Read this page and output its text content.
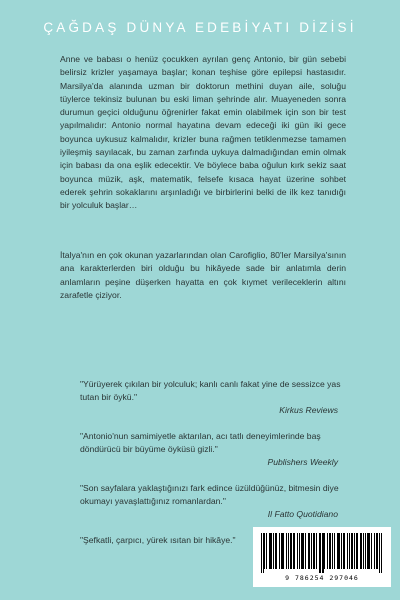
ÇAĞDAŞ DÜNYA EDEBİYATI DİZİSİ

Anne ve babası o henüz çocukken ayrılan genç Antonio, bir gün sebebi belirsiz krizler yaşamaya başlar; konan teşhise göre epilepsi hastasıdır. Marsilya'da alanında uzman bir doktorun methini duyan aile, soluğu tüylerce tekinsiz bulunan bu eski liman şehrinde alır. Muayeneden sonra durumun geçici olduğunu öğrenirler fakat emin olabilmek için son bir test yapılmalıdır: Antonio normal hayatına devam edeceği iki gün iki gece boyunca uykusuz kalmalıdır, krizler buna rağmen tetiklenmezse tamamen iyileşmiş sayılacak, bu zaman zarfında uykuya dalmadığından emin olmak için babası da ona eşlik edecektir. Ve böylece baba oğulun kırk sekiz saat boyunca müzik, aşk, matematik, felsefe kısaca hayat üzerine sohbet ederek şehrin sokaklarını arşınladığı ve birbirlerini belki de ilk kez tanıdığı bir yolculuk başlar…

İtalya'nın en çok okunan yazarlarından olan Carofiglio, 80'ler Marsilya'sının ana karakterlerden biri olduğu bu hikâyede sade bir anlatımla derin anlamların peşine düşerken hayatta en çok kıymet verileceklerin altını zarafetle çiziyor.

"Yürüyerek çıkılan bir yolculuk; kanlı canlı fakat yine de sessizce yas tutan bir öykü."

Kirkus Reviews

"Antonio'nun samimiyetle aktarılan, acı tatlı deneyimlerinde baş döndürücü bir büyüme öyküsü gizli."

Publishers Weekly

"Son sayfalara yaklaştığınızı fark edince üzüldüğünüz, bitmesin diye okumayı yavaşlattığınız romanlardan."

Il Fatto Quotidiano

"Şefkatli, çarpıcı, yürek ısıtan bir hikâye."

9 786254 297046
